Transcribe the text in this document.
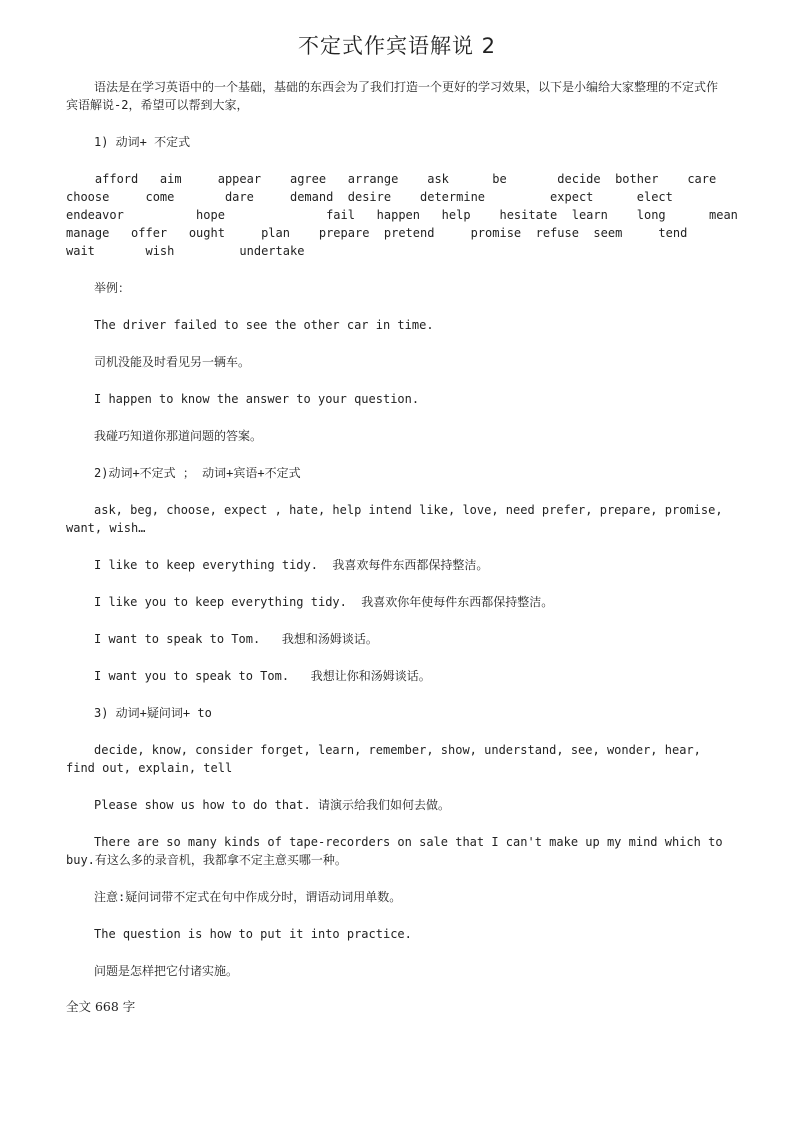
不定式作宾语解说 2

语法是在学习英语中的一个基础，基础的东西会为了我们打造一个更好的学习效果，以下是小编给大家整理的不定式作宾语解说-2，希望可以帮到大家，

1) 动词+ 不定式

afford   aim     appear    agree   arrange    ask      be       decide  bother    care
choose     come       dare     demand  desire    determine         expect      elect
endeavor          hope              fail   happen   help    hesitate  learn    long      mean
manage   offer   ought     plan    prepare  pretend     promise  refuse  seem     tend
wait       wish         undertake

举例：

The driver failed to see the other car in time.

司机没能及时看见另一辆车。

I happen to know the answer to your question.

我碰巧知道你那道问题的答案。

2)动词+不定式 ； 动词+宾语+不定式

ask, beg, choose, expect , hate, help intend like, love, need prefer, prepare, promise, want, wish…

I like to keep everything tidy.  我喜欢每件东西都保持整洁。

I like you to keep everything tidy.  我喜欢你年使每件东西都保持整洁。

I want to speak to Tom.   我想和汤姆谈话。

I want you to speak to Tom.   我想让你和汤姆谈话。

3) 动词+疑问词+ to

decide, know, consider forget, learn, remember, show, understand, see, wonder, hear, find out, explain, tell

Please show us how to do that. 请演示给我们如何去做。

There are so many kinds of tape-recorders on sale that I can't make up my mind which to buy.有这么多的录音机，我都拿不定主意买哪一种。

注意:疑问词带不定式在句中作成分时，谓语动词用单数。

The question is how to put it into practice.

问题是怎样把它付诸实施。

全文 668 字
